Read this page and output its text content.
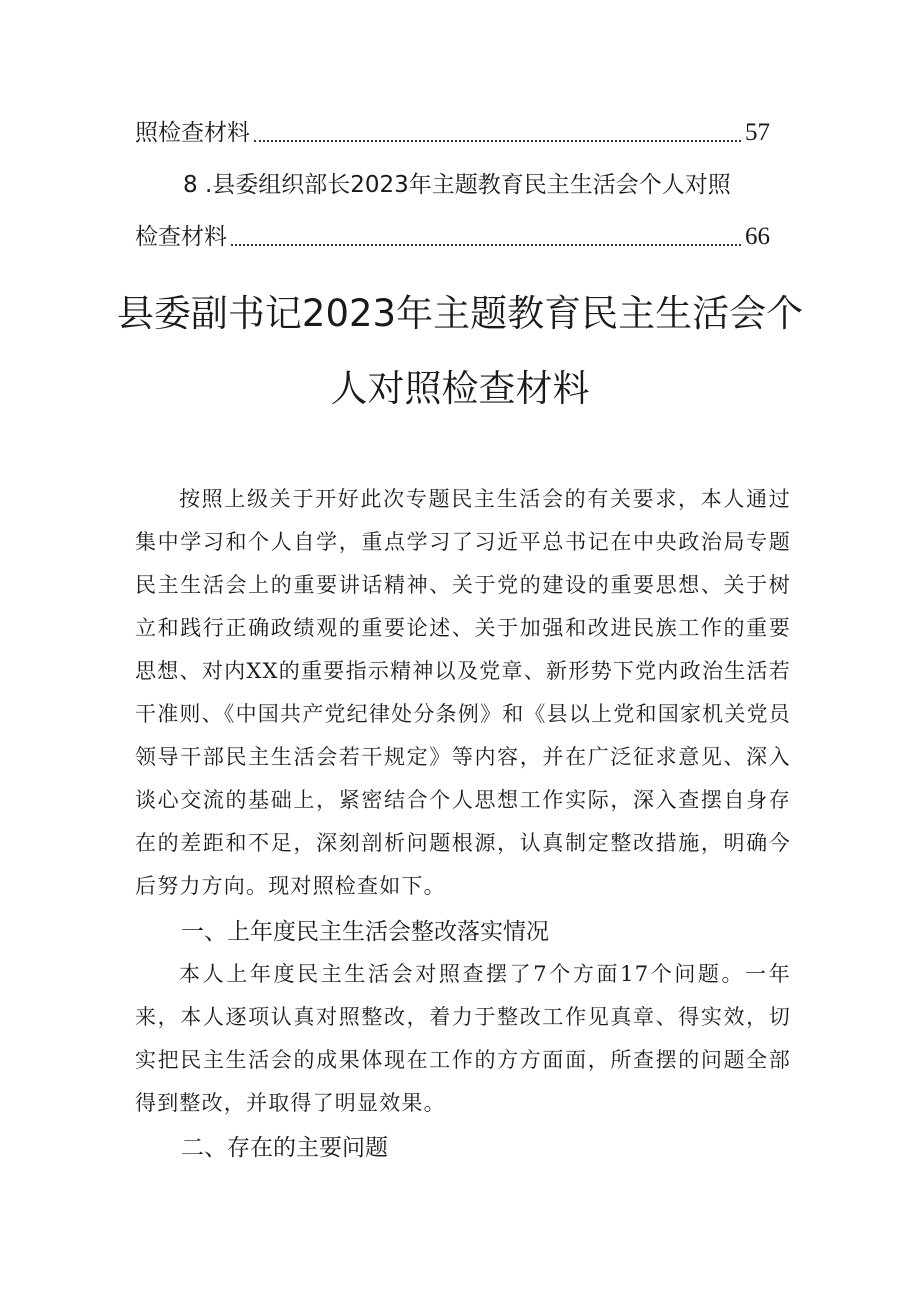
照检查材料	57
8 .县委组织部长2023年主题教育民主生活会个人对照
检查材料	66
县委副书记2023年主题教育民主生活会个
人对照检查材料

按照上级关于开好此次专题民主生活会的有关要求，本人通过集中学习和个人自学，重点学习了习近平总书记在中央政治局专题民主生活会上的重要讲话精神、关于党的建设的重要思想、关于树立和践行正确政绩观的重要论述、关于加强和改进民族工作的重要思想、对内XX的重要指示精神以及党章、新形势下党内政治生活若干准则、《中国共产党纪律处分条例》和《县以上党和国家机关党员领导干部民主生活会若干规定》等内容，并在广泛征求意见、深入谈心交流的基础上，紧密结合个人思想工作实际，深入查摆自身存在的差距和不足，深刻剖析问题根源，认真制定整改措施，明确今后努力方向。现对照检查如下。

一、上年度民主生活会整改落实情况

本人上年度民主生活会对照查摆了7个方面17个问题。一年来，本人逐项认真对照整改，着力于整改工作见真章、得实效，切实把民主生活会的成果体现在工作的方方面面，所查摆的问题全部得到整改，并取得了明显效果。

二、存在的主要问题
